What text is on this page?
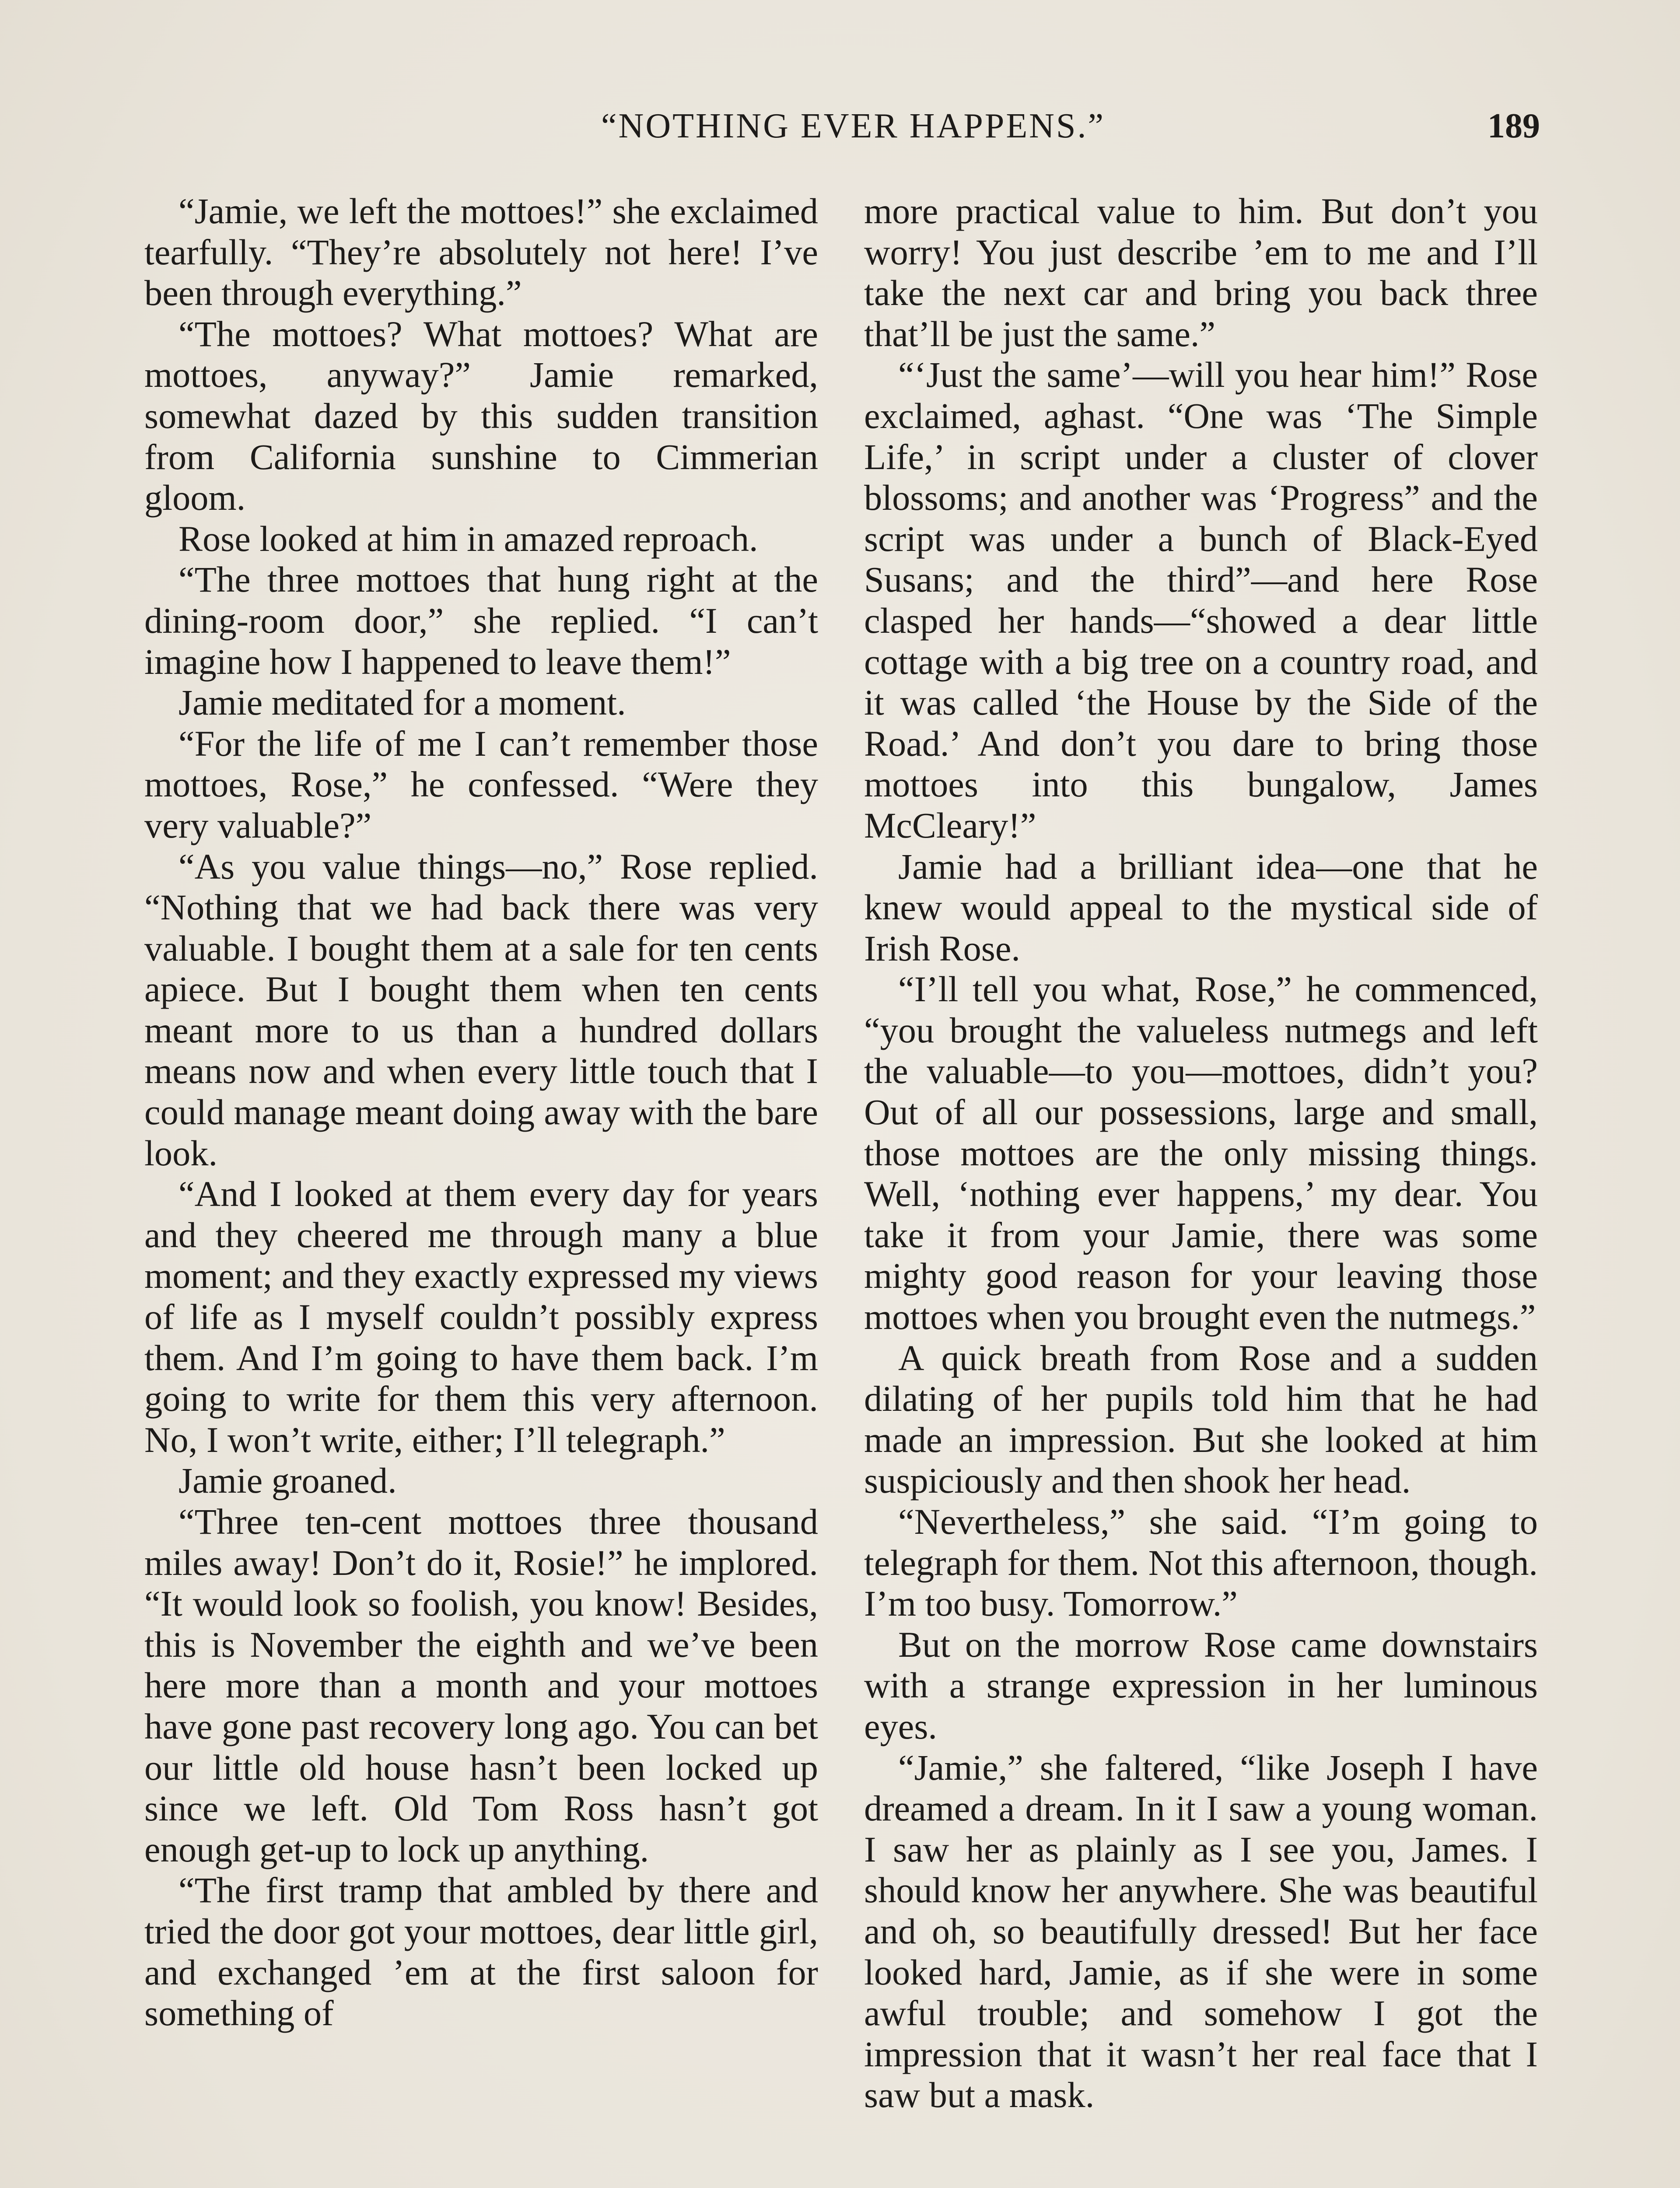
“NOTHING EVER HAPPENS.”	189

“Jamie, we left the mottoes!” she exclaimed tearfully. “They’re absolutely not here! I’ve been through everything.”

“The mottoes? What mottoes? What are mottoes, anyway?” Jamie remarked, somewhat dazed by this sudden transition from California sunshine to Cimmerian gloom.

Rose looked at him in amazed reproach.

“The three mottoes that hung right at the dining-room door,” she replied. “I can’t imagine how I happened to leave them!”

Jamie meditated for a moment.

“For the life of me I can’t remember those mottoes, Rose,” he confessed. “Were they very valuable?”

“As you value things—no,” Rose replied. “Nothing that we had back there was very valuable. I bought them at a sale for ten cents apiece. But I bought them when ten cents meant more to us than a hundred dollars means now and when every little touch that I could manage meant doing away with the bare look.

“And I looked at them every day for years and they cheered me through many a blue moment; and they exactly expressed my views of life as I myself couldn’t possibly express them. And I’m going to have them back. I’m going to write for them this very afternoon. No, I won’t write, either; I’ll telegraph.”

Jamie groaned.

“Three ten-cent mottoes three thousand miles away! Don’t do it, Rosie!” he implored. “It would look so foolish, you know! Besides, this is November the eighth and we’ve been here more than a month and your mottoes have gone past recovery long ago. You can bet our little old house hasn’t been locked up since we left. Old Tom Ross hasn’t got enough get-up to lock up anything.

“The first tramp that ambled by there and tried the door got your mottoes, dear little girl, and exchanged ’em at the first saloon for something of

more practical value to him. But don’t you worry! You just describe ’em to me and I’ll take the next car and bring you back three that’ll be just the same.”

“‘Just the same’—will you hear him!” Rose exclaimed, aghast. “One was ‘The Simple Life,’ in script under a cluster of clover blossoms; and another was ‘Progress” and the script was under a bunch of Black-Eyed Susans; and the third”—and here Rose clasped her hands—“showed a dear little cottage with a big tree on a country road, and it was called ‘the House by the Side of the Road.’ And don’t you dare to bring those mottoes into this bungalow, James McCleary!”

Jamie had a brilliant idea—one that he knew would appeal to the mystical side of Irish Rose.

“I’ll tell you what, Rose,” he commenced, “you brought the valueless nutmegs and left the valuable—to you—mottoes, didn’t you? Out of all our possessions, large and small, those mottoes are the only missing things. Well, ‘nothing ever happens,’ my dear. You take it from your Jamie, there was some mighty good reason for your leaving those mottoes when you brought even the nutmegs.”

A quick breath from Rose and a sudden dilating of her pupils told him that he had made an impression. But she looked at him suspiciously and then shook her head.

“Nevertheless,” she said. “I’m going to telegraph for them. Not this afternoon, though. I’m too busy. Tomorrow.”

But on the morrow Rose came downstairs with a strange expression in her luminous eyes.

“Jamie,” she faltered, “like Joseph I have dreamed a dream. In it I saw a young woman. I saw her as plainly as I see you, James. I should know her anywhere. She was beautiful and oh, so beautifully dressed! But her face looked hard, Jamie, as if she were in some awful trouble; and somehow I got the impression that it wasn’t her real face that I saw but a mask.
